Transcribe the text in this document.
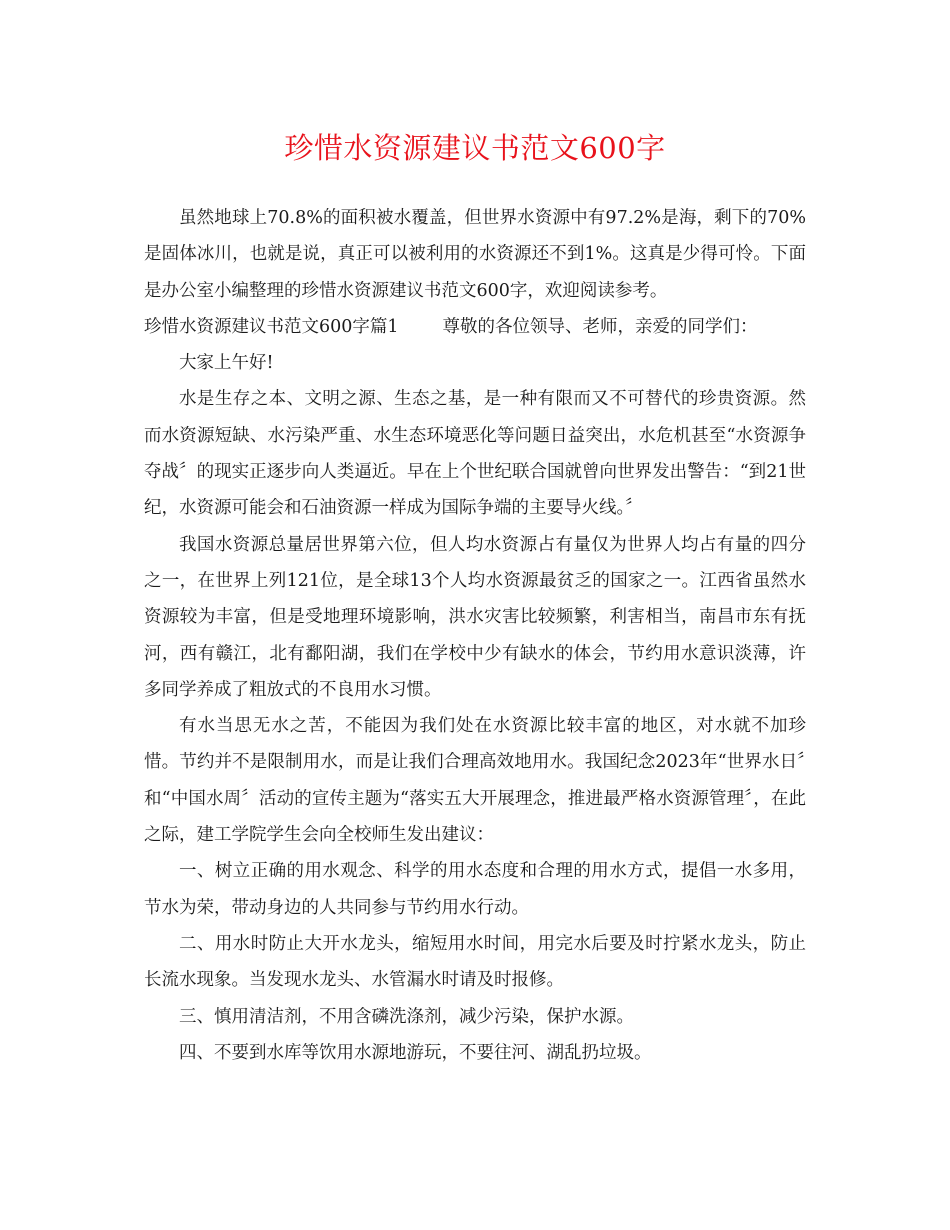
珍惜水资源建议书范文600字

虽然地球上70.8%的面积被水覆盖，但世界水资源中有97.2%是海，剩下的70%是固体冰川，也就是说，真正可以被利用的水资源还不到1%。这真是少得可怜。下面是办公室小编整理的珍惜水资源建议书范文600字，欢迎阅读参考。

珍惜水资源建议书范文600字篇1	尊敬的各位领导、老师，亲爱的同学们：

大家上午好!

水是生存之本、文明之源、生态之基，是一种有限而又不可替代的珍贵资源。然而水资源短缺、水污染严重、水生态环境恶化等问题日益突出，水危机甚至“水资源争夺战〞的现实正逐步向人类逼近。早在上个世纪联合国就曾向世界发出警告：“到21世纪，水资源可能会和石油资源一样成为国际争端的主要导火线。〞

我国水资源总量居世界第六位，但人均水资源占有量仅为世界人均占有量的四分之一，在世界上列121位，是全球13个人均水资源最贫乏的国家之一。江西省虽然水资源较为丰富，但是受地理环境影响，洪水灾害比较频繁，利害相当，南昌市东有抚河，西有赣江，北有鄱阳湖，我们在学校中少有缺水的体会，节约用水意识淡薄，许多同学养成了粗放式的不良用水习惯。

有水当思无水之苦，不能因为我们处在水资源比较丰富的地区，对水就不加珍惜。节约并不是限制用水，而是让我们合理高效地用水。我国纪念2023年“世界水日〞和“中国水周〞活动的宣传主题为“落实五大开展理念，推进最严格水资源管理〞，在此之际，建工学院学生会向全校师生发出建议：

一、树立正确的用水观念、科学的用水态度和合理的用水方式，提倡一水多用，节水为荣，带动身边的人共同参与节约用水行动。

二、用水时防止大开水龙头，缩短用水时间，用完水后要及时拧紧水龙头，防止长流水现象。当发现水龙头、水管漏水时请及时报修。

三、慎用清洁剂，不用含磷洗涤剂，减少污染，保护水源。

四、不要到水库等饮用水源地游玩，不要往河、湖乱扔垃圾。
